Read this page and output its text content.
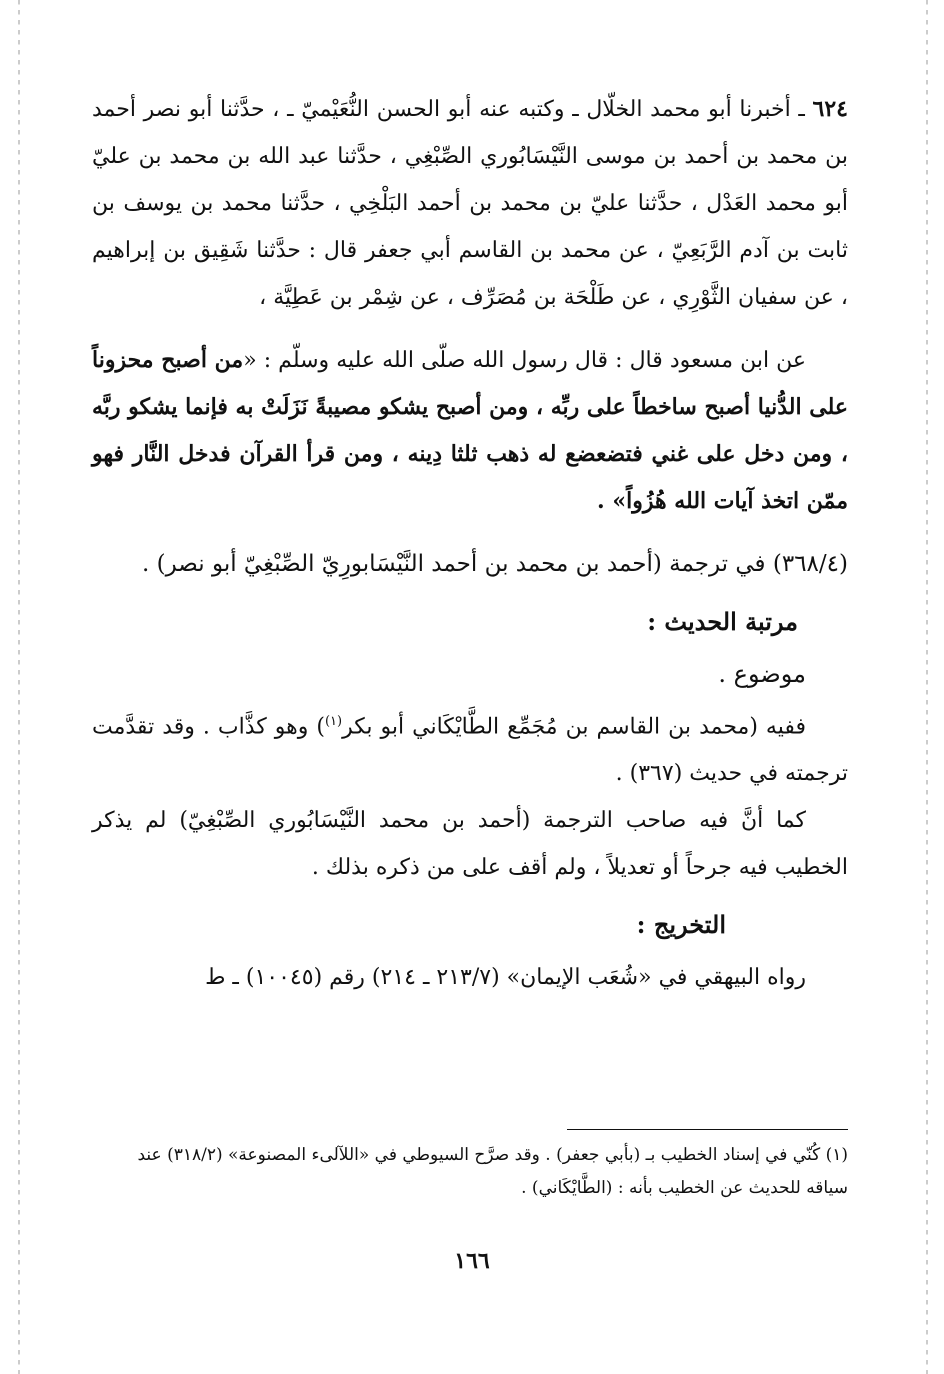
٦٢٤ ـ أخبرنا أبو محمد الخلّال ـ وكتبه عنه أبو الحسن النُّعَيْميّ ـ ، حدَّثنا أبو نصر أحمد بن محمد بن أحمد بن موسى النَّيْسَابُوري الصِّبْغِي ، حدَّثنا عبد الله بن محمد بن عليّ أبو محمد العَدْل ، حدَّثنا عليّ بن محمد بن أحمد البَلْخِي ، حدَّثنا محمد بن يوسف بن ثابت بن آدم الرَّبَعِيّ ، عن محمد بن القاسم أبي جعفر قال : حدَّثنا شَقِيق بن إبراهيم ، عن سفيان الثَّوْرِي ، عن طَلْحَة بن مُصَرِّف ، عن شِمْر بن عَطِيَّة ،

عن ابن مسعود قال : قال رسول الله صلّى الله عليه وسلّم : «من أصبح محزوناً على الدُّنيا أصبح ساخطاً على ربِّه ، ومن أصبح يشكو مصيبةً نَزَلَتْ به فإنما يشكو ربَّه ، ومن دخل على غني فتضعضع له ذهب ثلثا دِينه ، ومن قرأ القرآن فدخل النَّار فهو ممّن اتخذ آيات الله هُزُواً» .

(٣٦٨/٤) في ترجمة (أحمد بن محمد بن أحمد النَّيْسَابورِيّ الصِّبْغِيّ أبو نصر) .

مرتبة الحديث :

موضوع .

ففيه (محمد بن القاسم بن مُجَمِّع الطَّايْكَاني أبو بكر$^{(١)}$) وهو كذَّاب . وقد تقدَّمت ترجمته في حديث (٣٦٧) .

كما أنَّ فيه صاحب الترجمة (أحمد بن محمد النَّيْسَابُوري الصِّبْغِيّ) لم يذكر الخطيب فيه جرحاً أو تعديلاً ، ولم أقف على من ذكره بذلك .

التخريج :

رواه البيهقي في «شُعَب الإيمان» (٢١٣/٧ ـ ٢١٤) رقم (١٠٠٤٥) ـ ط

(١) كُنّي في إسناد الخطيب بـ (بأبي جعفر) . وقد صرَّح السيوطي في «اللآلىء المصنوعة» (٣١٨/٢) عند سياقه للحديث عن الخطيب بأنه : (الطَّايْكَاني) .
١٦٦
